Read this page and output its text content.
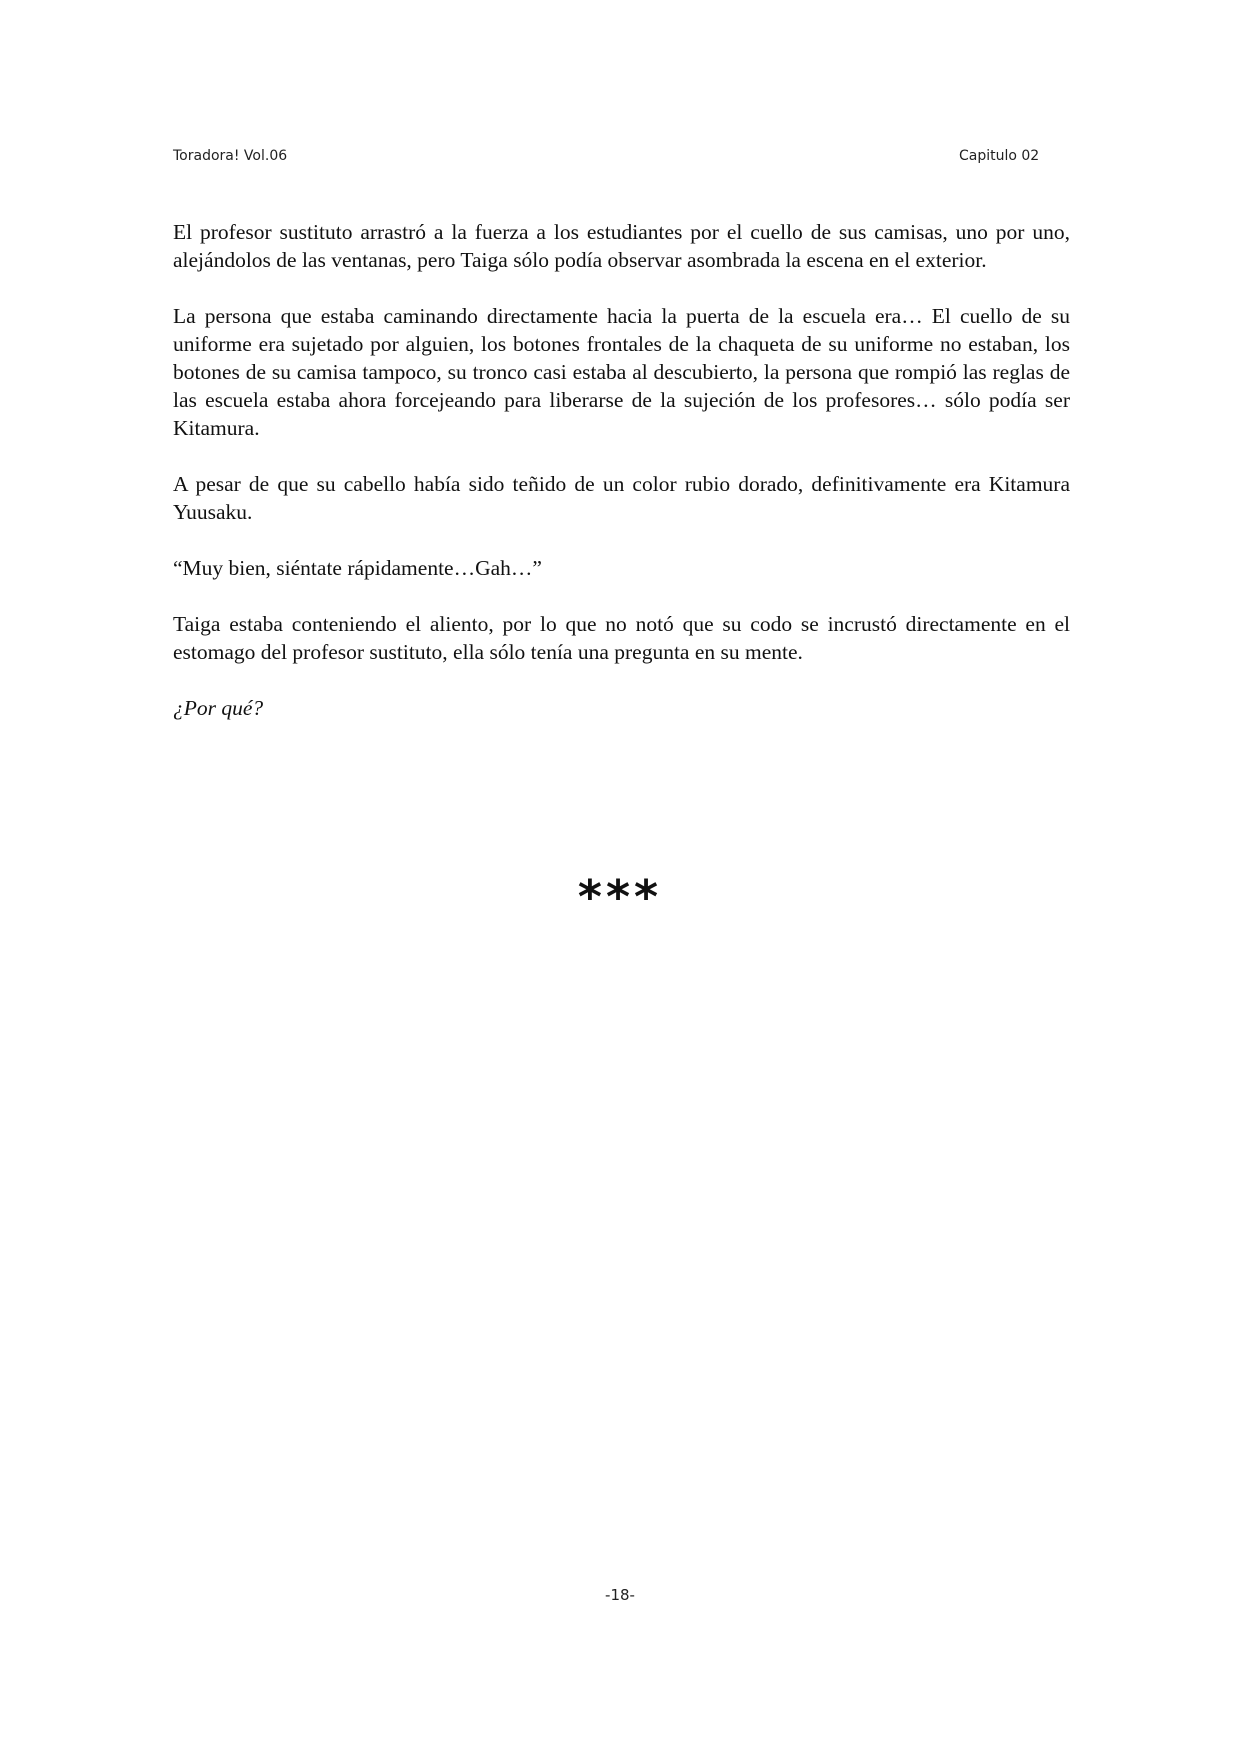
Toradora! Vol.06	Capitulo 02

El profesor sustituto arrastró a la fuerza a los estudiantes por el cuello de sus camisas, uno por uno, alejándolos de las ventanas, pero Taiga sólo podía observar asombrada la escena en el exterior.

La persona que estaba caminando directamente hacia la puerta de la escuela era… El cuello de su uniforme era sujetado por alguien, los botones frontales de la chaqueta de su uniforme no estaban, los botones de su camisa tampoco, su tronco casi estaba al descubierto, la persona que rompió las reglas de las escuela estaba ahora forcejeando para liberarse de la sujeción de los profesores… sólo podía ser Kitamura.

A pesar de que su cabello había sido teñido de un color rubio dorado, definitivamente era Kitamura Yuusaku.

“Muy bien, siéntate rápidamente…Gah…”

Taiga estaba conteniendo el aliento, por lo que no notó que su codo se incrustó directamente en el estomago del profesor sustituto, ella sólo tenía una pregunta en su mente.

¿Por qué?

***
-18-
